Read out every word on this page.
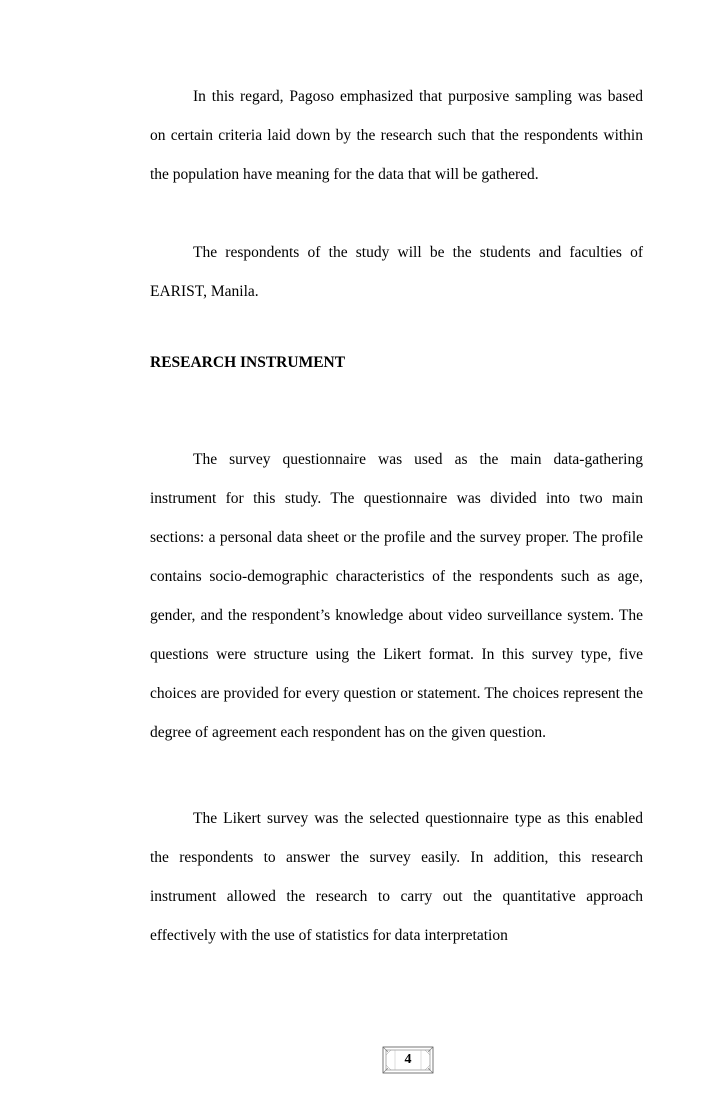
In this regard, Pagoso emphasized that purposive sampling was based on certain criteria laid down by the research such that the respondents within the population have meaning for the data that will be gathered.

The respondents of the study will be the students and faculties of EARIST, Manila.

RESEARCH INSTRUMENT

The survey questionnaire was used as the main data-gathering instrument for this study. The questionnaire was divided into two main sections: a personal data sheet or the profile and the survey proper. The profile contains socio-demographic characteristics of the respondents such as age, gender, and the respondent’s knowledge about video surveillance system. The questions were structure using the Likert format. In this survey type, five choices are provided for every question or statement. The choices represent the degree of agreement each respondent has on the given question.

The Likert survey was the selected questionnaire type as this enabled the respondents to answer the survey easily. In addition, this research instrument allowed the research to carry out the quantitative approach effectively with the use of statistics for data interpretation

4
